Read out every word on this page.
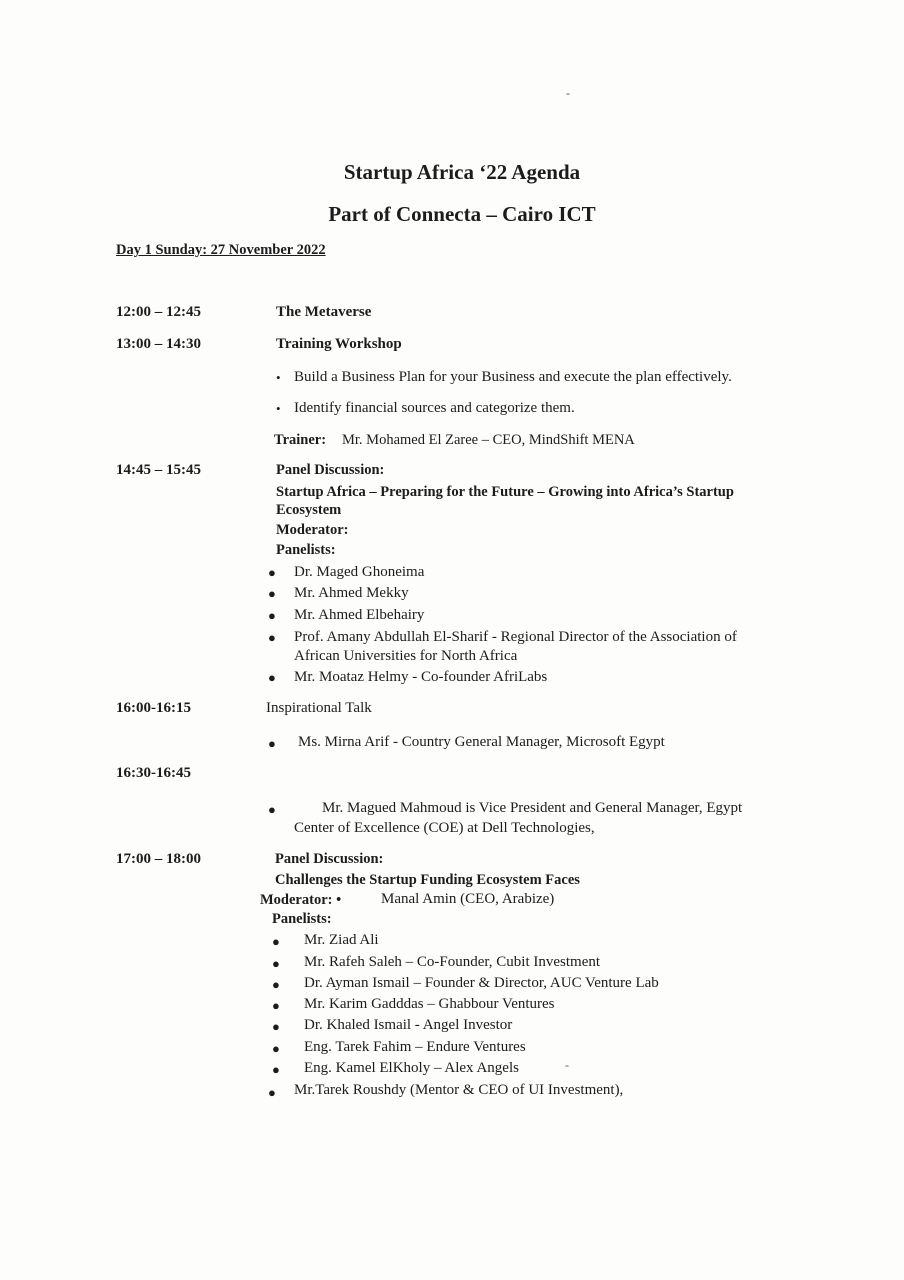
-
Startup Africa ‘22 Agenda
Part of Connecta – Cairo ICT
Day 1 Sunday: 27 November 2022
12:00 – 12:45	The Metaverse
13:00 – 14:30	Training Workshop
• Build a Business Plan for your Business and execute the plan effectively.
• Identify financial sources and categorize them.
Trainer: Mr. Mohamed El Zaree – CEO, MindShift MENA
14:45 – 15:45	Panel Discussion:
Startup Africa – Preparing for the Future – Growing into Africa’s Startup
Ecosystem
Moderator:
Panelists:
● Dr. Maged Ghoneima
● Mr. Ahmed Mekky
● Mr. Ahmed Elbehairy
● Prof. Amany Abdullah El-Sharif - Regional Director of the Association of
African Universities for North Africa
● Mr. Moataz Helmy - Co-founder AfriLabs
16:00-16:15	Inspirational Talk
● Ms. Mirna Arif - Country General Manager, Microsoft Egypt
16:30-16:45
●	Mr. Magued Mahmoud is Vice President and General Manager, Egypt
Center of Excellence (COE) at Dell Technologies,
17:00 – 18:00	Panel Discussion:
Challenges the Startup Funding Ecosystem Faces
Moderator: •	Manal Amin (CEO, Arabize)
Panelists:
● Mr. Ziad Ali
● Mr. Rafeh Saleh – Co-Founder, Cubit Investment
● Dr. Ayman Ismail – Founder & Director, AUC Venture Lab
● Mr. Karim Gadddas – Ghabbour Ventures
● Dr. Khaled Ismail - Angel Investor
● Eng. Tarek Fahim – Endure Ventures
● Eng. Kamel ElKholy – Alex Angels	-
● Mr.Tarek Roushdy (Mentor & CEO of UI Investment),
